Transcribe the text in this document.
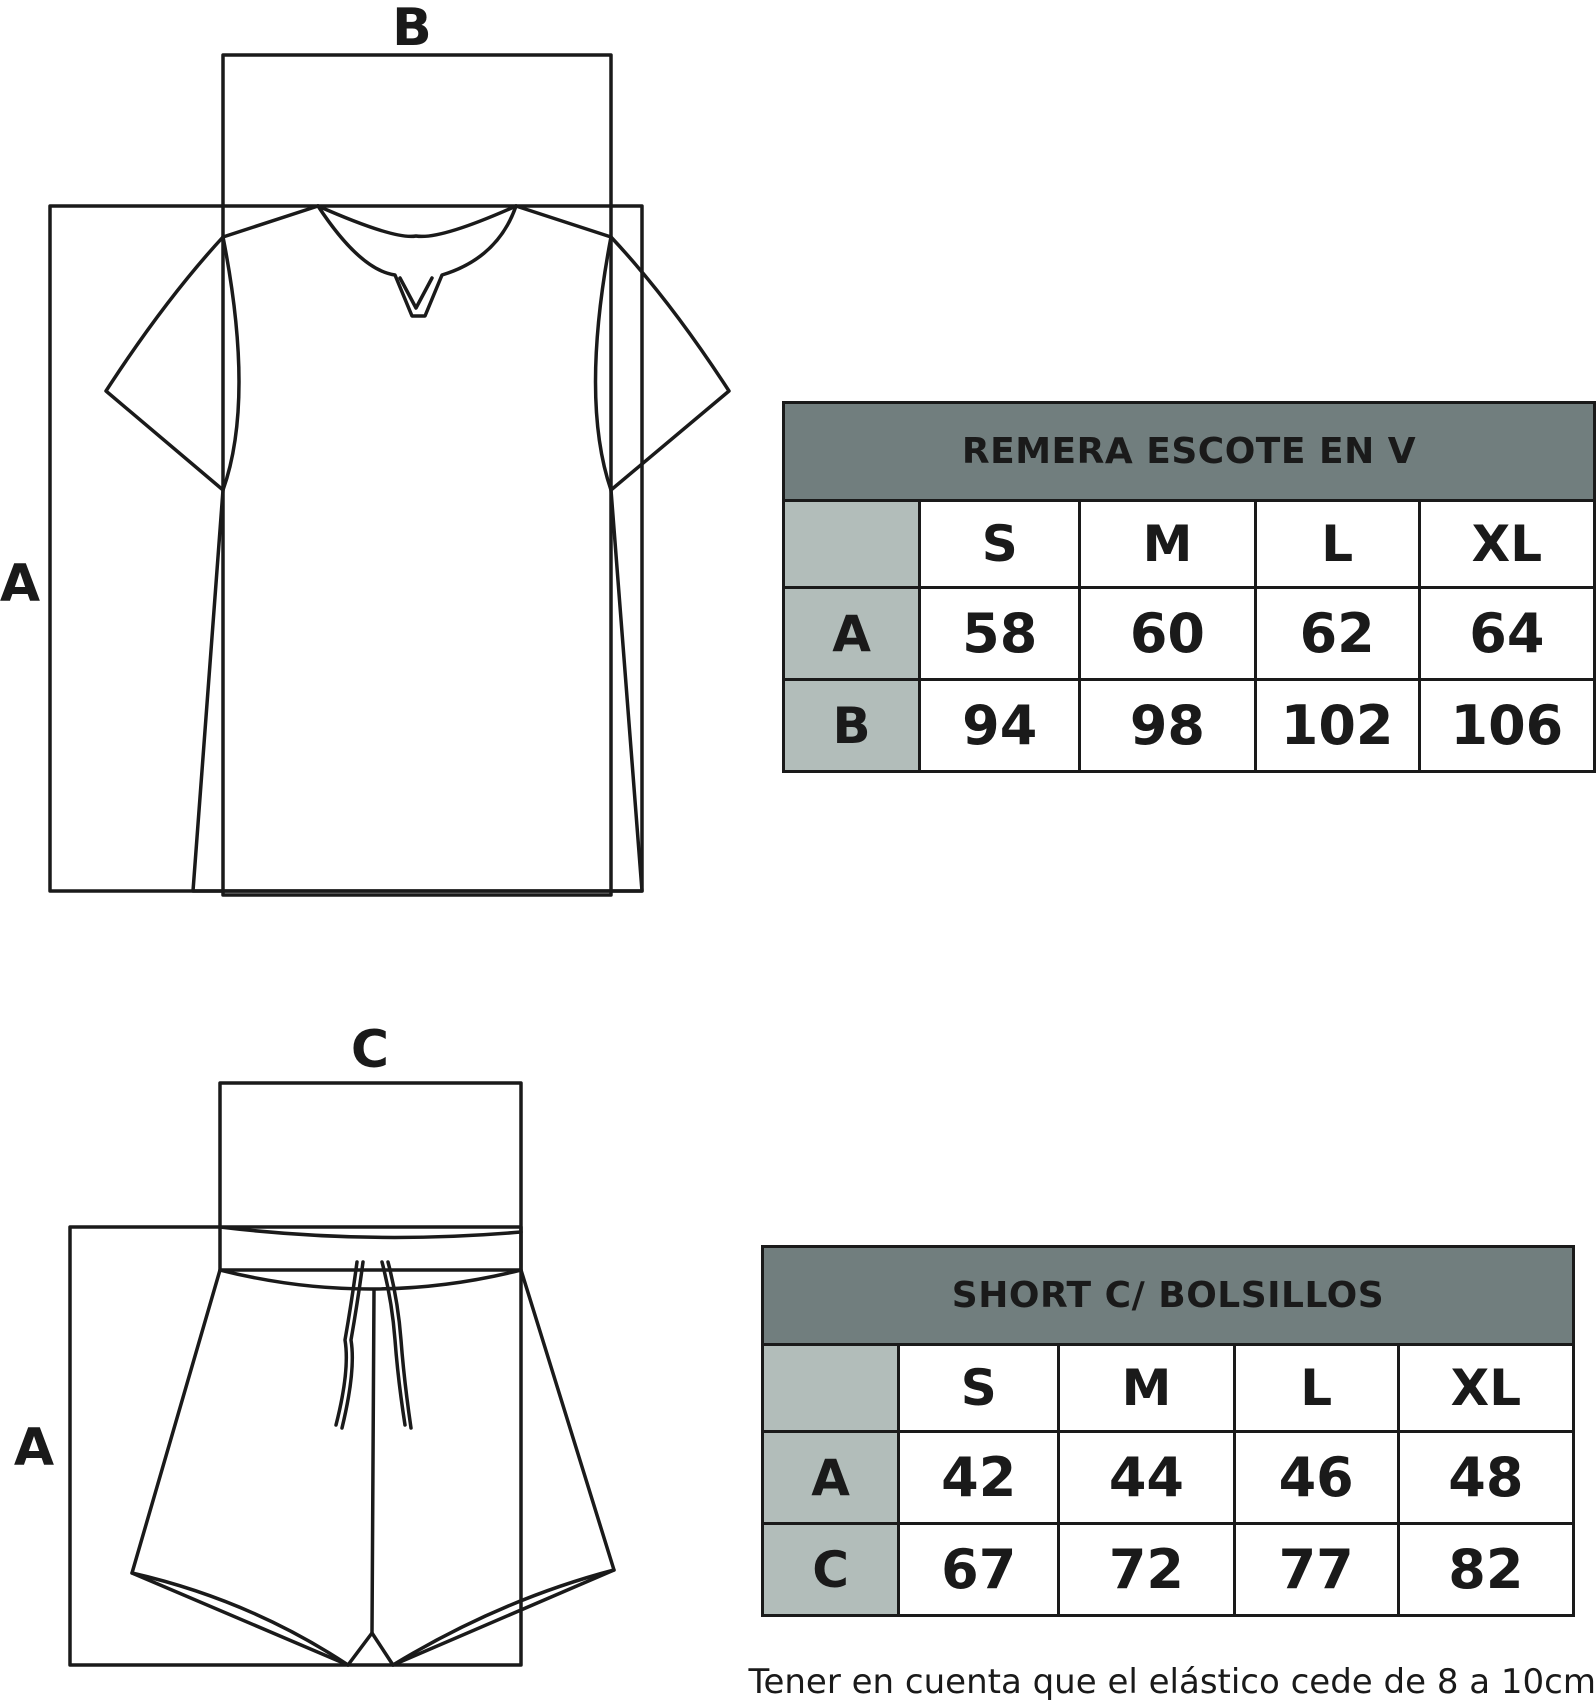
B
A
C
A
REMERA ESCOTE EN V				
	S	M	L	XL
A	58	60	62	64
B	94	98	102	106
SHORT C/ BOLSILLOS				
	S	M	L	XL
A	42	44	46	48
C	67	72	77	82
Tener en cuenta que el elástico cede de 8 a 10cm
